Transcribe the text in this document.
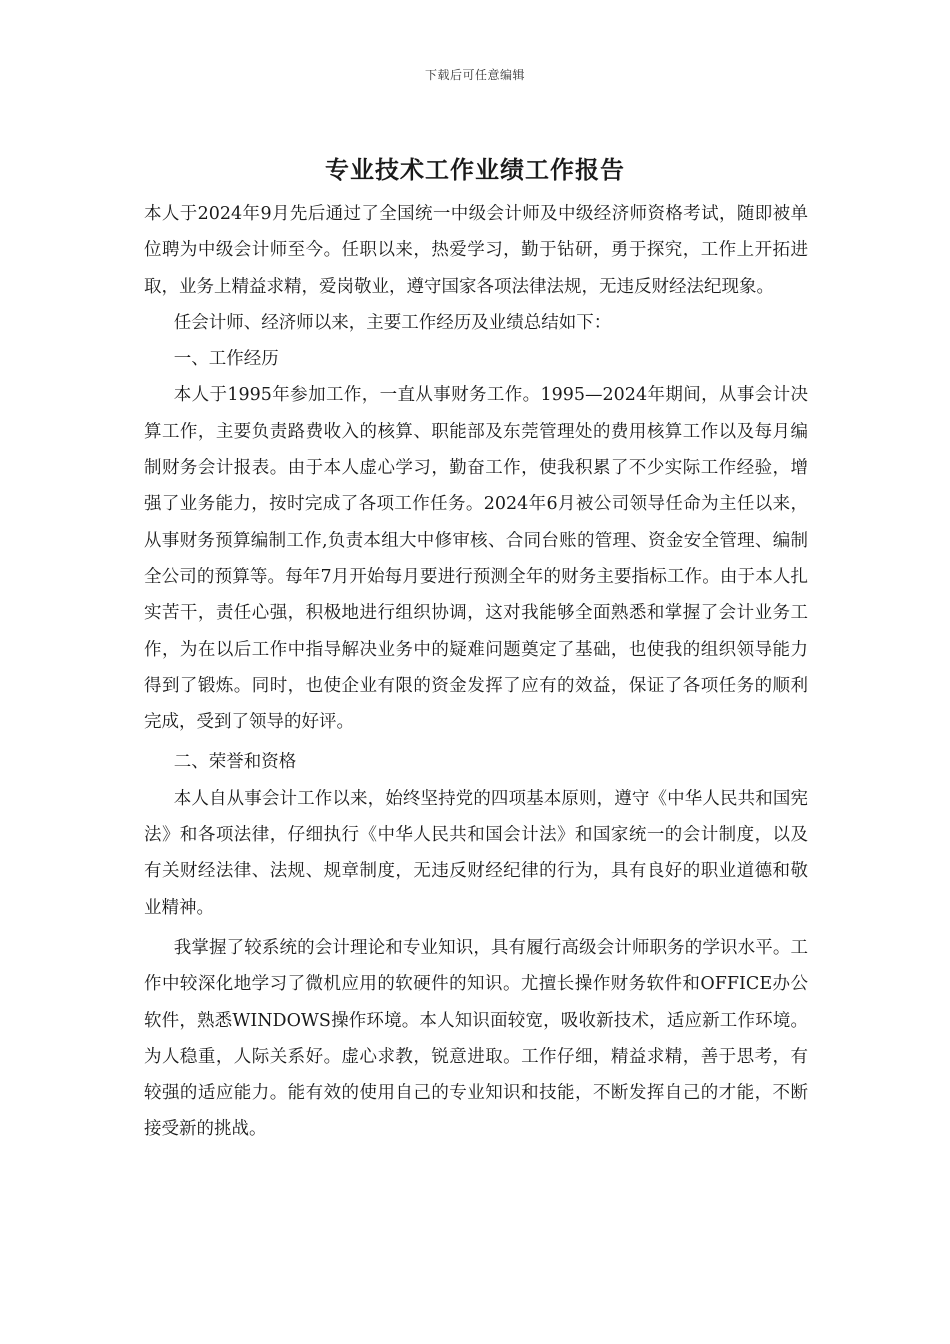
下载后可任意编辑
专业技术工作业绩工作报告

本人于2024年9月先后通过了全国统一中级会计师及中级经济师资格考试，随即被单位聘为中级会计师至今。任职以来，热爱学习，勤于钻研，勇于探究，工作上开拓进取，业务上精益求精，爱岗敬业，遵守国家各项法律法规，无违反财经法纪现象。

任会计师、经济师以来，主要工作经历及业绩总结如下：

一、工作经历

本人于1995年参加工作，一直从事财务工作。1995—2024年期间，从事会计决算工作，主要负责路费收入的核算、职能部及东莞管理处的费用核算工作以及每月编制财务会计报表。由于本人虚心学习，勤奋工作，使我积累了不少实际工作经验，增强了业务能力，按时完成了各项工作任务。2024年6月被公司领导任命为主任以来，从事财务预算编制工作,负责本组大中修审核、合同台账的管理、资金安全管理、编制全公司的预算等。每年7月开始每月要进行预测全年的财务主要指标工作。由于本人扎实苦干，责任心强，积极地进行组织协调，这对我能够全面熟悉和掌握了会计业务工作，为在以后工作中指导解决业务中的疑难问题奠定了基础，也使我的组织领导能力得到了锻炼。同时，也使企业有限的资金发挥了应有的效益，保证了各项任务的顺利完成，受到了领导的好评。

二、荣誉和资格

本人自从事会计工作以来，始终坚持党的四项基本原则，遵守《中华人民共和国宪法》和各项法律，仔细执行《中华人民共和国会计法》和国家统一的会计制度，以及有关财经法律、法规、规章制度，无违反财经纪律的行为，具有良好的职业道德和敬业精神。

我掌握了较系统的会计理论和专业知识，具有履行高级会计师职务的学识水平。工作中较深化地学习了微机应用的软硬件的知识。尤擅长操作财务软件和OFFICE办公软件，熟悉WINDOWS操作环境。本人知识面较宽，吸收新技术，适应新工作环境。为人稳重，人际关系好。虚心求教，锐意进取。工作仔细，精益求精，善于思考，有较强的适应能力。能有效的使用自己的专业知识和技能，不断发挥自己的才能，不断接受新的挑战。
